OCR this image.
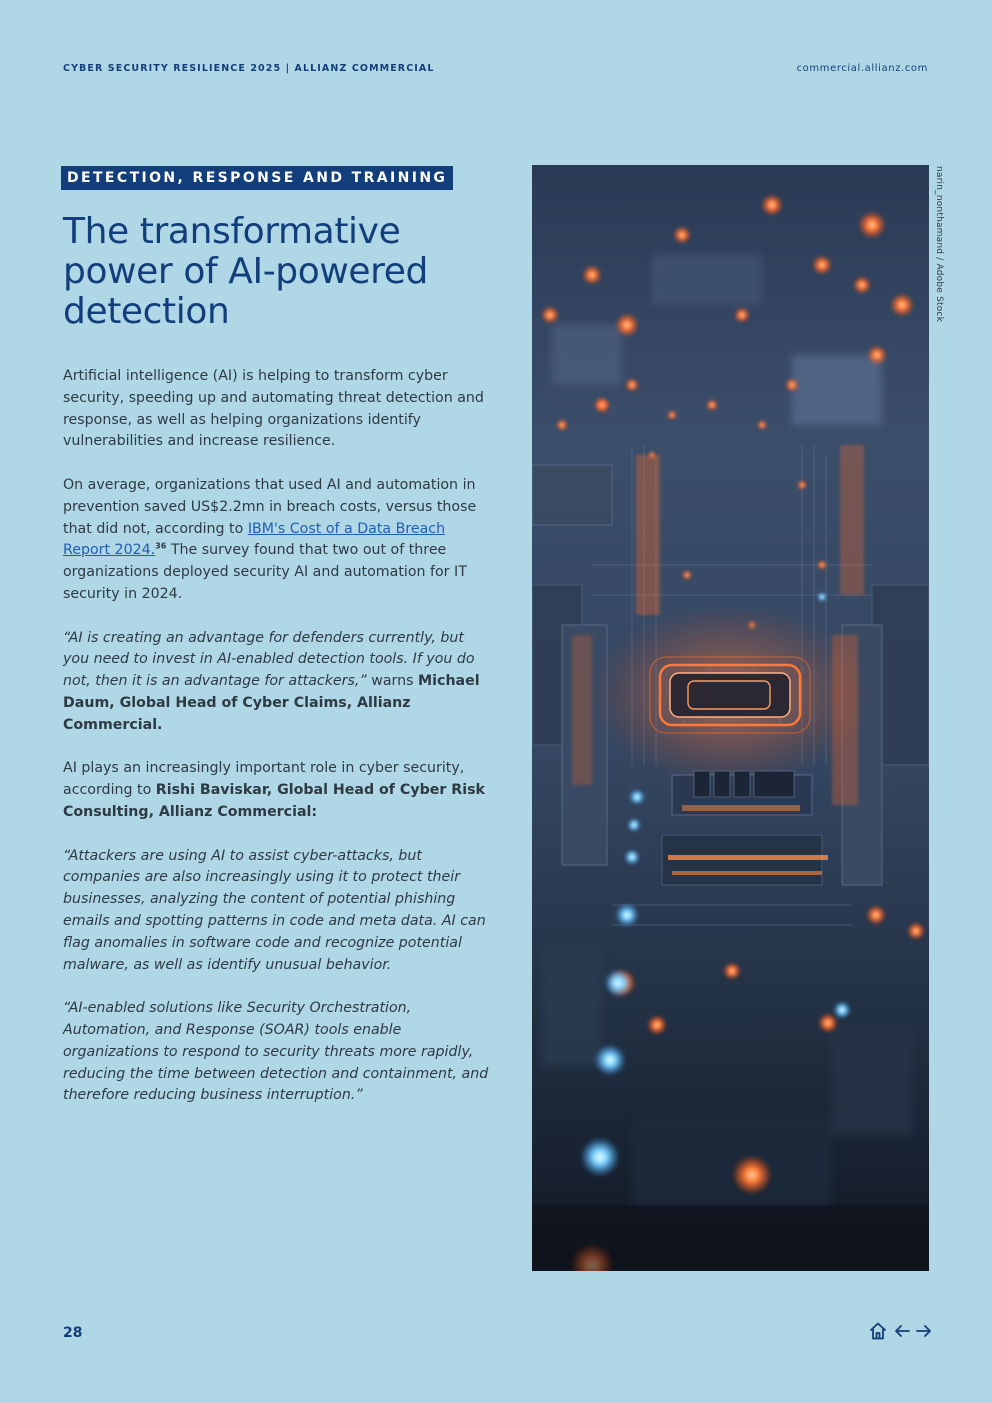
CYBER SECURITY RESILIENCE 2025 | ALLIANZ COMMERCIAL	commercial.allianz.com
DETECTION, RESPONSE AND TRAINING
The transformative power of AI-powered detection

Artificial intelligence (AI) is helping to transform cyber security, speeding up and automating threat detection and response, as well as helping organizations identify vulnerabilities and increase resilience.

On average, organizations that used AI and automation in prevention saved US$2.2mn in breach costs, versus those that did not, according to IBM's Cost of a Data Breach Report 2024.36 The survey found that two out of three organizations deployed security AI and automation for IT security in 2024.

“AI is creating an advantage for defenders currently, but you need to invest in AI-enabled detection tools. If you do not, then it is an advantage for attackers,” warns Michael Daum, Global Head of Cyber Claims, Allianz Commercial.

AI plays an increasingly important role in cyber security, according to Rishi Baviskar, Global Head of Cyber Risk Consulting, Allianz Commercial:

“Attackers are using AI to assist cyber-attacks, but companies are also increasingly using it to protect their businesses, analyzing the content of potential phishing emails and spotting patterns in code and meta data. AI can flag anomalies in software code and recognize potential malware, as well as identify unusual behavior.

“AI-enabled solutions like Security Orchestration, Automation, and Response (SOAR) tools enable organizations to respond to security threats more rapidly, reducing the time between detection and containment, and therefore reducing business interruption.”

narin_nonthamand / Adobe Stock
28
